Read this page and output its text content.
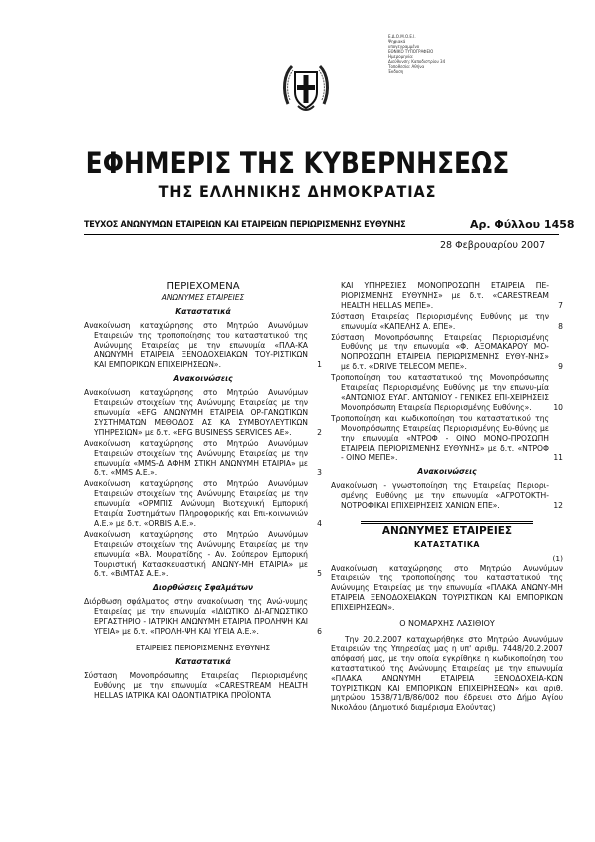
Ε.Δ.Ο.Μ.Ο.Ε.Ι.
Ψηφιακά
υπογεγραμμένο
ΕΘΝΙΚΟ ΤΥΠΟΓΡΑΦΕΙΟ
Ημερομηνία:
Διεύθυνση: Καποδιστρίου 34
Τοποθεσία: Αθήνα
Έκδοση
ΕΦΗΜΕΡΙΣ ΤΗΣ ΚΥΒΕΡΝΗΣΕΩΣ
ΤΗΣ ΕΛΛΗΝΙΚΗΣ ΔΗΜΟΚΡΑΤΙΑΣ
ΤΕΥΧΟΣ ΑΝΩΝΥΜΩΝ ΕΤΑΙΡΕΙΩΝ ΚΑΙ ΕΤΑΙΡΕΙΩΝ ΠΕΡΙΩΡΙΣΜΕΝΗΣ ΕΥΘΥΝΗΣ	Αρ. Φύλλου 1458
28 Φεβρουαρίου 2007
ΠΕΡΙΕΧΟΜΕΝΑ
ΑΝΩΝΥΜΕΣ ΕΤΑΙΡΕΙΕΣ
Καταστατικά
Ανακοίνωση καταχώρησης στο Μητρώο Ανωνύμων Εταιρειών της τροποποίησης του καταστατικού της Ανώνυμης Εταιρείας με την επωνυμία «ΠΛΑ-ΚΑ ΑΝΩΝΥΜΗ ΕΤΑΙΡΕΙΑ ΞΕΝΟΔΟΧΕΙΑΚΩΝ ΤΟΥ-ΡΙΣΤΙΚΩΝ ΚΑΙ ΕΜΠΟΡΙΚΩΝ ΕΠΙΧΕΙΡΗΣΕΩΝ».	1
Ανακοινώσεις
Ανακοίνωση καταχώρησης στο Μητρώο Ανωνύμων Εταιρειών στοιχείων της Ανώνυμης Εταιρείας με την επωνυμία «EFG ΑΝΩΝΥΜΗ ΕΤΑΙΡΕΙΑ ΟΡ-ΓΑΝΩΤΙΚΩΝ ΣΥΣΤΗΜΑΤΩΝ ΜΕΘΟΔΟΣ ΑΣ ΚΑ ΣΥΜΒΟΥΛΕΥΤΙΚΩΝ ΥΠΗΡΕΣΙΩΝ» με δ.τ. «EFG BUSINESS SERVICES AE».	2
Ανακοίνωση καταχώρησης στο Μητρώο Ανωνύμων Εταιρειών στοιχείων της Ανώνυμης Εταιρείας με την επωνυμία «MMS-Δ ΑΦΗΜ ΣΤΙΚΗ ΑΝΩΝΥΜΗ ΕΤΑΙΡΙΑ» με δ.τ. «MMS A.E.».	3
Ανακοίνωση καταχώρησης στο Μητρώο Ανωνύμων Εταιρειών στοιχείων της Ανώνυμης Εταιρείας με την επωνυμία «ΟΡΜΠΙΣ Ανώνυμη Βιοτεχνική Εμπορική Εταιρία Συστημάτων Πληροφορικής και Επι-κοινωνιών Α.Ε.» με δ.τ. «ORBIS A.E.».	4
Ανακοίνωση καταχώρησης στο Μητρώο Ανωνύμων Εταιρειών στοιχείων της Ανώνυμης Εταιρείας με την επωνυμία «Βλ. Μουρατίδης - Αν. Σούπερον Εμπορική Τουριστική Κατασκευαστική ΑΝΩΝΥ-ΜΗ ΕΤΑΙΡΙΑ» με δ.τ. «ΒιΜΤΑΣ Α.Ε.».	5
Διορθώσεις Σφαλμάτων
Διόρθωση σφάλματος στην ανακοίνωση της Ανώ-νυμης Εταιρείας με την επωνυμία «ΙΔΙΩΤΙΚΟ ΔΙ-ΑΓΝΩΣΤΙΚΟ ΕΡΓΑΣΤΗΡΙΟ - ΙΑΤΡΙΚΗ ΑΝΩΝΥΜΗ ΕΤΑΙΡΙΑ ΠΡΟΛΗΨΗ ΚΑΙ ΥΓΕΙΑ» με δ.τ. «ΠΡΟΛΗ-ΨΗ ΚΑΙ ΥΓΕΙΑ Α.Ε.».	6
ΕΤΑΙΡΕΙΕΣ ΠΕΡΙΟΡΙΣΜΕΝΗΣ ΕΥΘΥΝΗΣ
Καταστατικά
Σύσταση Μονοπρόσωπης Εταιρείας Περιορισμένης Ευθύνης με την επωνυμία «CARESTREAM HEALTH HELLAS ΙΑΤΡΙΚΑ ΚΑΙ ΟΔΟΝΤΙΑΤΡΙΚΑ ΠΡΟΪΟΝΤΑ
ΚΑΙ ΥΠΗΡΕΣΙΕΣ ΜΟΝΟΠΡΟΣΩΠΗ ΕΤΑΙΡΕΙΑ ΠΕ-ΡΙΟΡΙΣΜΕΝΗΣ ΕΥΘΥΝΗΣ» με δ.τ. «CARESTREAM HEALTH HELLAS ΜΕΠΕ».	7
Σύσταση Εταιρείας Περιορισμένης Ευθύνης με την επωνυμία «ΚΑΠΕΛΗΣ Α. ΕΠΕ».	8
Σύσταση Μονοπρόσωπης Εταιρείας Περιορισμένης Ευθύνης με την επωνυμία «Φ. ΑΞΟΜΑΚΑΡΟΥ ΜΟ-ΝΟΠΡΟΣΩΠΗ ΕΤΑΙΡΕΙΑ ΠΕΡΙΩΡΙΣΜΕΝΗΣ ΕΥΘΥ-ΝΗΣ» με δ.τ. «DRIVE TELECOM ΜΕΠΕ».	9
Τροποποίηση του καταστατικού της Μονοπρόσωπης Εταιρείας Περιορισμένης Ευθύνης με την επωνυ-μία «ΑΝΤΩΝΙΟΣ ΕΥΑΓ. ΑΝΤΩΝΙΟΥ - ΓΕΝΙΚΕΣ ΕΠΙ-ΧΕΙΡΗΣΕΙΣ Μονοπρόσωπη Εταιρεία Περιορισμένης Ευθύνης».	10
Τροποποίηση και κωδικοποίηση του καταστατικού της Μονοπρόσωπης Εταιρείας Περιορισμένης Ευ-θύνης με την επωνυμία «ΝΤΡΟΦ - ΟΙΝΟ ΜΟΝΟ-ΠΡΟΣΩΠΗ ΕΤΑΙΡΕΙΑ ΠΕΡΙΟΡΙΣΜΕΝΗΣ ΕΥΘΥΝΗΣ» με δ.τ. «ΝΤΡΟΦ - ΟΙΝΟ ΜΕΠΕ».	11
Ανακοινώσεις
Ανακοίνωση - γνωστοποίηση της Εταιρείας Περιορι-σμένης Ευθύνης με την επωνυμία «ΑΓΡΟΤΟΚΤΗ-ΝΟΤΡΟΦΙΚΑΙ ΕΠΙΧΕΙΡΗΣΕΙΣ ΧΑΝΙΩΝ ΕΠΕ».	12
ΑΝΩΝΥΜΕΣ ΕΤΑΙΡΕΙΕΣ
ΚΑΤΑΣΤΑΤΙΚΑ
(1)
Ανακοίνωση καταχώρησης στο Μητρώο Ανωνύμων Εταιρειών της τροποποίησης του καταστατικού της Ανώνυμης Εταιρείας με την επωνυμία «ΠΛΑΚΑ ΑΝΩΝΥ-ΜΗ ΕΤΑΙΡΕΙΑ ΞΕΝΟΔΟΧΕΙΑΚΩΝ ΤΟΥΡΙΣΤΙΚΩΝ ΚΑΙ ΕΜΠΟΡΙΚΩΝ ΕΠΙΧΕΙΡΗΣΕΩΝ».
Ο ΝΟΜΑΡΧΗΣ ΛΑΣΙΘΙΟΥ
Την 20.2.2007 καταχωρήθηκε στο Μητρώο Ανωνύμων Εταιρειών της Υπηρεσίας μας η υπ' αριθμ. 7448/20.2.2007 απόφασή μας, με την οποία εγκρίθηκε η κωδικοποίηση του καταστατικού της Ανώνυμης Εταιρείας με την επωνυμία «ΠΛΑΚΑ ΑΝΩΝΥΜΗ ΕΤΑΙΡΕΙΑ ΞΕΝΟΔΟΧΕΙΑ-ΚΩΝ ΤΟΥΡΙΣΤΙΚΩΝ ΚΑΙ ΕΜΠΟΡΙΚΩΝ ΕΠΙΧΕΙΡΗΣΕΩΝ» και αριθ. μητρώου 1538/71/Β/86/002 που έδρευει στο Δήμο Αγίου Νικολάου (Δημοτικό διαμέρισμα Ελούντας)
